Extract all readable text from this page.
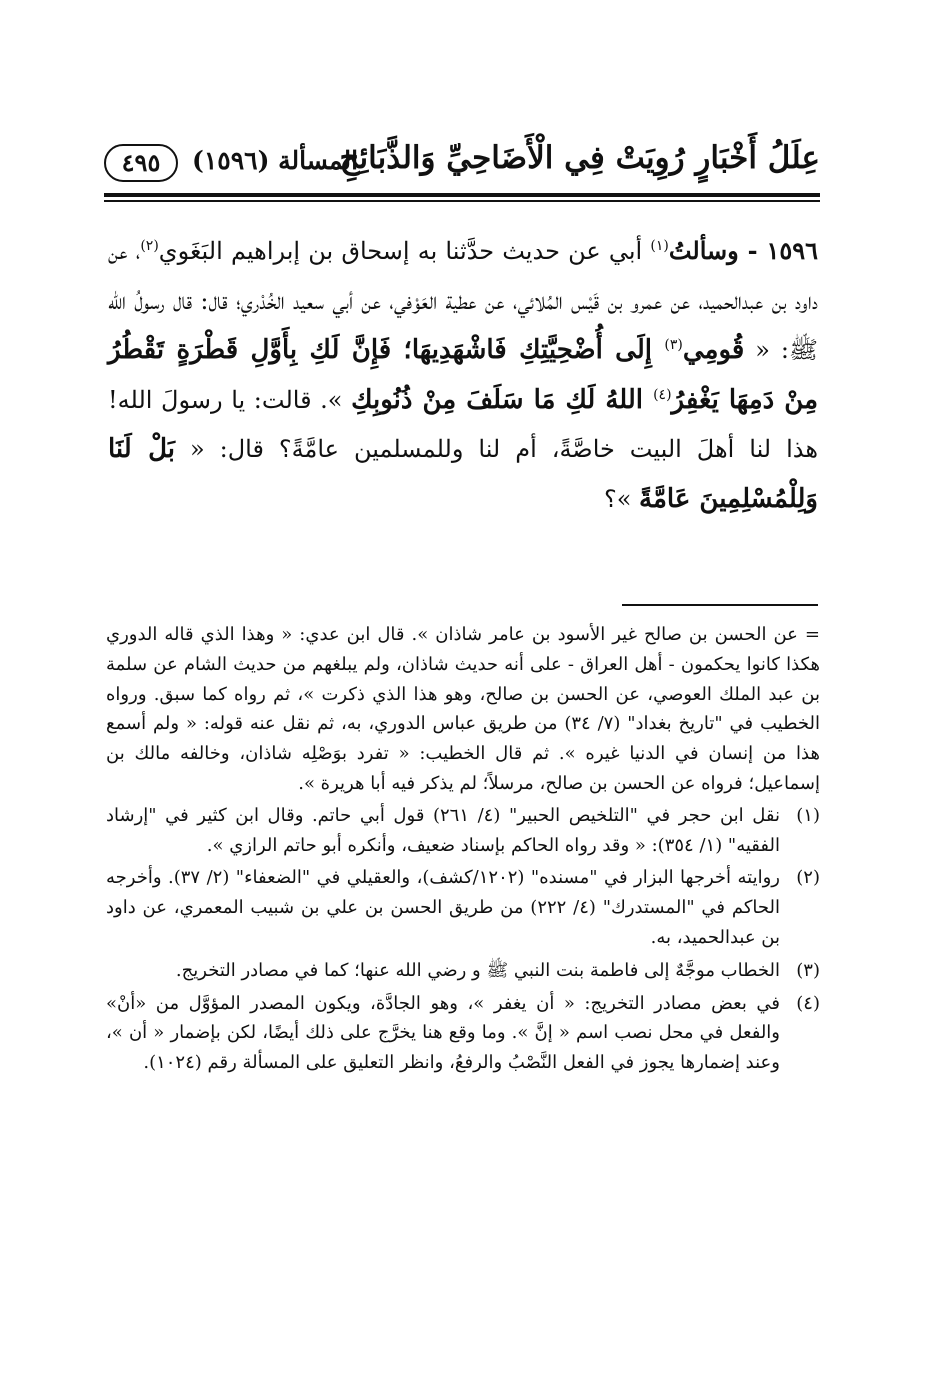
عِلَلُ أَخْبَارٍ رُوِيَتْ فِي الْأَضَاحِيِّ وَالذَّبَائِحِ
المسألة (١٥٩٦)
٤٩٥

١٥٩٦ - وسألتُ$^{(١)}$ أبي عن حديث حدَّثنا به إسحاق بن إبراهيم البَغَوي$^{(٢)}$، عن داود بن عبدالحميد، عن عمرو بن قَيْس المُلائي، عن عطية العَوْفي، عن أبي سعيد الخُدْري؛ قال: قال رسولُ الله ﷺ: « قُومِي$^{(٣)}$ إِلَى أُضْحِيَّتِكِ فَاشْهَدِيهَا؛ فَإِنَّ لَكِ بِأَوَّلِ قَطْرَةٍ تَقْطُرُ مِنْ دَمِهَا يَغْفِرُ$^{(٤)}$ اللهُ لَكِ مَا سَلَفَ مِنْ ذُنُوبِكِ ». قالت: يا رسولَ الله! هذا لنا أهلَ البيت خاصَّةً، أم لنا وللمسلمين عامَّةً؟ قال: « بَلْ لَنَا وَلِلْمُسْلِمِينَ عَامَّةً »؟

= عن الحسن بن صالح غير الأسود بن عامر شاذان ». قال ابن عدي: « وهذا الذي قاله الدوري هكذا كانوا يحكمون - أهل العراق - على أنه حديث شاذان، ولم يبلغهم من حديث الشام عن سلمة بن عبد الملك العوصي، عن الحسن بن صالح، وهو هذا الذي ذكرت »، ثم رواه كما سبق. ورواه الخطيب في "تاريخ بغداد" (٧/ ٣٤) من طريق عباس الدوري، به، ثم نقل عنه قوله: « ولم أسمع هذا من إنسان في الدنيا غيره ». ثم قال الخطيب: « تفرد بوَصْلِه شاذان، وخالفه مالك بن إسماعيل؛ فرواه عن الحسن بن صالح، مرسلاً؛ لم يذكر فيه أبا هريرة ».

(١)
نقل ابن حجر في "التلخيص الحبير" (٤/ ٢٦١) قول أبي حاتم. وقال ابن كثير في "إرشاد الفقيه" (١/ ٣٥٤): « وقد رواه الحاكم بإسناد ضعيف، وأنكره أبو حاتم الرازي ».
(٢)
روايته أخرجها البزار في "مسنده" (١٢٠٢/كشف)، والعقيلي في "الضعفاء" (٢/ ٣٧). وأخرجه الحاكم في "المستدرك" (٤/ ٢٢٢) من طريق الحسن بن علي بن شبيب المعمري، عن داود بن عبدالحميد، به.
(٣)
الخطاب موجَّهٌ إلى فاطمة بنت النبي ﷺ و رضي الله عنها؛ كما في مصادر التخريج.
(٤)
في بعض مصادر التخريج: « أن يغفر »، وهو الجادَّة، ويكون المصدر المؤوَّل من «أنْ» والفعل في محل نصب اسم « إنَّ ». وما وقع هنا يخرَّج على ذلك أيضًا، لكن بإضمار « أن »، وعند إضمارها يجوز في الفعل النَّصْبُ والرفعُ، وانظر التعليق على المسألة رقم (١٠٢٤).
